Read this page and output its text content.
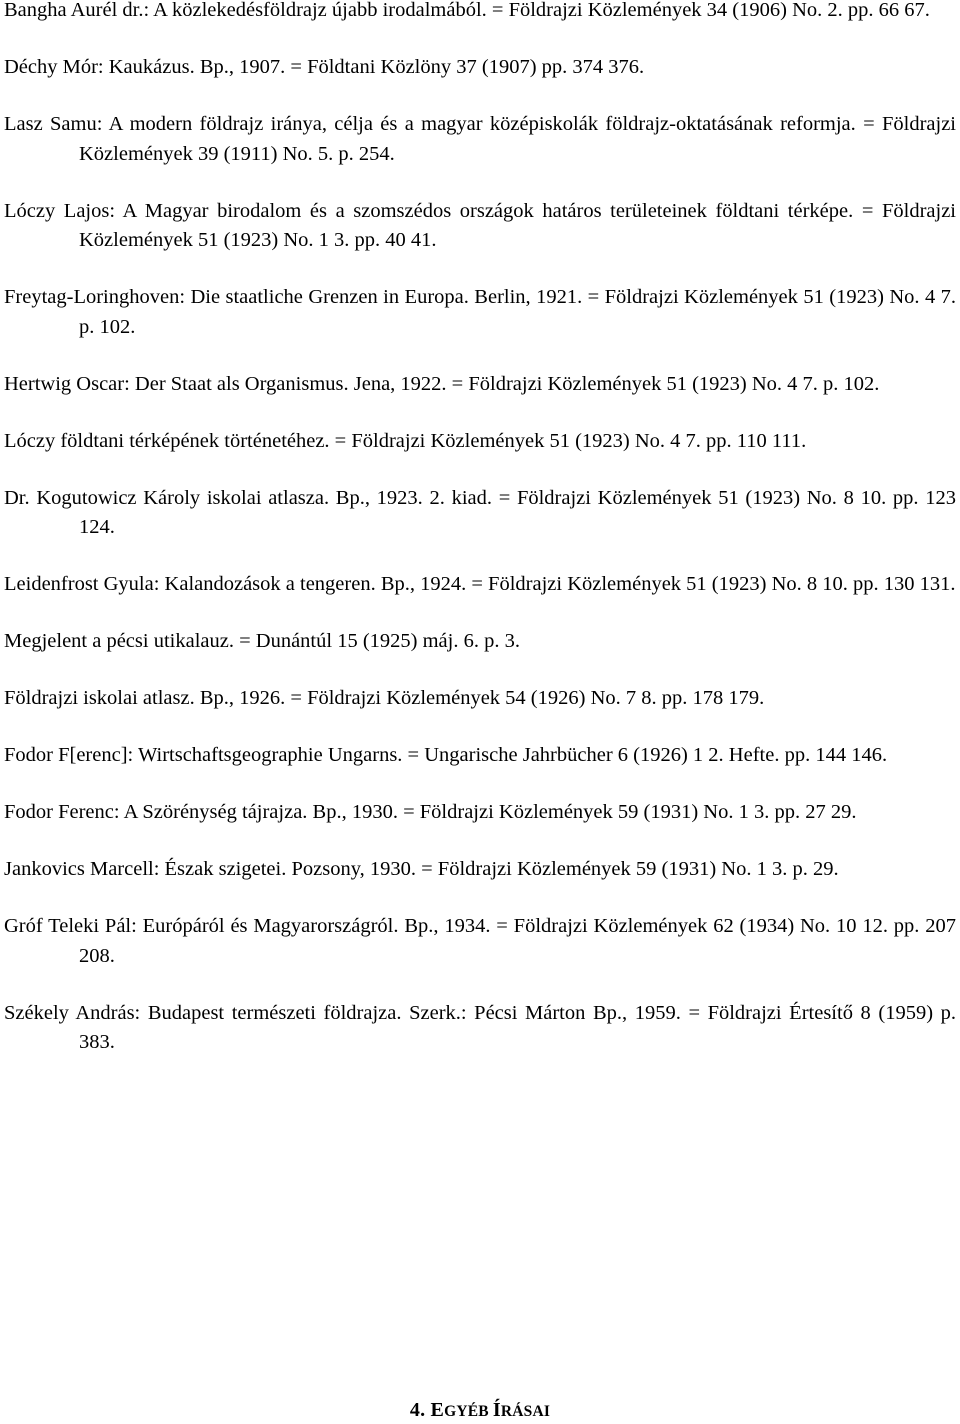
Bangha Aurél dr.: A közlekedésföldrajz újabb irodalmából. = Földrajzi Közlemények 34 (1906) No. 2. pp. 66 67.
Déchy Mór: Kaukázus. Bp., 1907. = Földtani Közlöny 37 (1907) pp. 374 376.
Lasz Samu: A modern földrajz iránya, célja és a magyar középiskolák földrajz-oktatásának reformja. = Földrajzi Közlemények 39 (1911) No. 5. p. 254.
Lóczy Lajos: A Magyar birodalom és a szomszédos országok határos területeinek földtani térképe. = Földrajzi Közlemények 51 (1923) No. 1 3. pp. 40 41.
Freytag-Loringhoven: Die staatliche Grenzen in Europa. Berlin, 1921. = Földrajzi Közlemények 51 (1923) No. 4 7. p. 102.
Hertwig Oscar: Der Staat als Organismus. Jena, 1922. = Földrajzi Közlemények 51 (1923) No. 4 7. p. 102.
Lóczy földtani térképének történetéhez. = Földrajzi Közlemények 51 (1923) No. 4 7. pp. 110 111.
Dr. Kogutowicz Károly iskolai atlasza. Bp., 1923. 2. kiad. = Földrajzi Közlemények 51 (1923) No. 8 10. pp. 123 124.
Leidenfrost Gyula: Kalandozások a tengeren. Bp., 1924. = Földrajzi Közlemények 51 (1923) No. 8 10. pp. 130 131.
Megjelent a pécsi utikalauz. = Dunántúl 15 (1925) máj. 6. p. 3.
Földrajzi iskolai atlasz. Bp., 1926. = Földrajzi Közlemények 54 (1926) No. 7 8. pp. 178 179.
Fodor F[erenc]: Wirtschaftsgeographie Ungarns. = Ungarische Jahrbücher 6 (1926) 1 2. Hefte. pp. 144 146.
Fodor Ferenc: A Szörénység tájrajza. Bp., 1930. = Földrajzi Közlemények 59 (1931) No. 1 3. pp. 27 29.
Jankovics Marcell: Észak szigetei. Pozsony, 1930. = Földrajzi Közlemények 59 (1931) No. 1 3. p. 29.
Gróf Teleki Pál: Európáról és Magyarországról. Bp., 1934. = Földrajzi Közlemények 62 (1934) No. 10 12. pp. 207 208.
Székely András: Budapest természeti földrajza. Szerk.: Pécsi Márton Bp., 1959. = Földrajzi Értesítő 8 (1959) p. 383.
4. EGYÉB ÍRÁSAI
